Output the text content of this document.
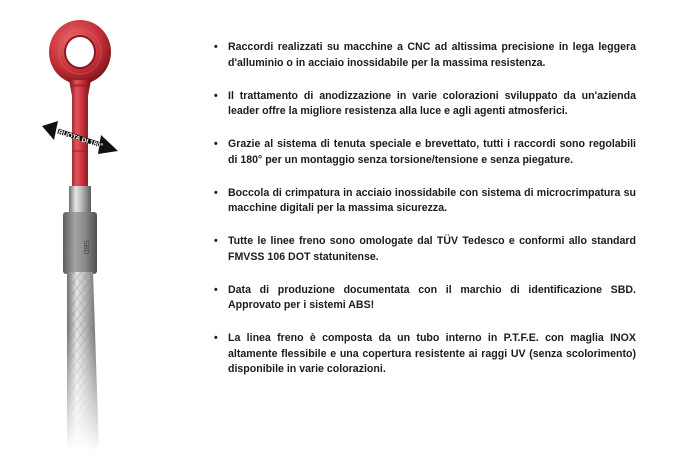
SBD
RUOTA DI 180°
• Raccordi realizzati su macchine a CNC ad altissima precisione in lega leggera d'alluminio o in acciaio inossidabile per la massima resistenza.
• Il trattamento di anodizzazione in varie colorazioni sviluppato da un'azienda leader offre la migliore resistenza alla luce e agli agenti atmosferici.
• Grazie al sistema di tenuta speciale e brevettato, tutti i raccordi sono regolabili di 180° per un montaggio senza torsione/tensione e senza piegature.
• Boccola di crimpatura in acciaio inossidabile con sistema di microcrimpatura su macchine digitali per la massima sicurezza.
• Tutte le linee freno sono omologate dal TÜV Tedesco e conformi allo standard FMVSS 106 DOT statunitense.
• Data di produzione documentata con il marchio di identificazione SBD. Approvato per i sistemi ABS!
• La linea freno è composta da un tubo interno in P.T.F.E. con maglia INOX altamente flessibile e una copertura resistente ai raggi UV (senza scolorimento) disponibile in varie colorazioni.
